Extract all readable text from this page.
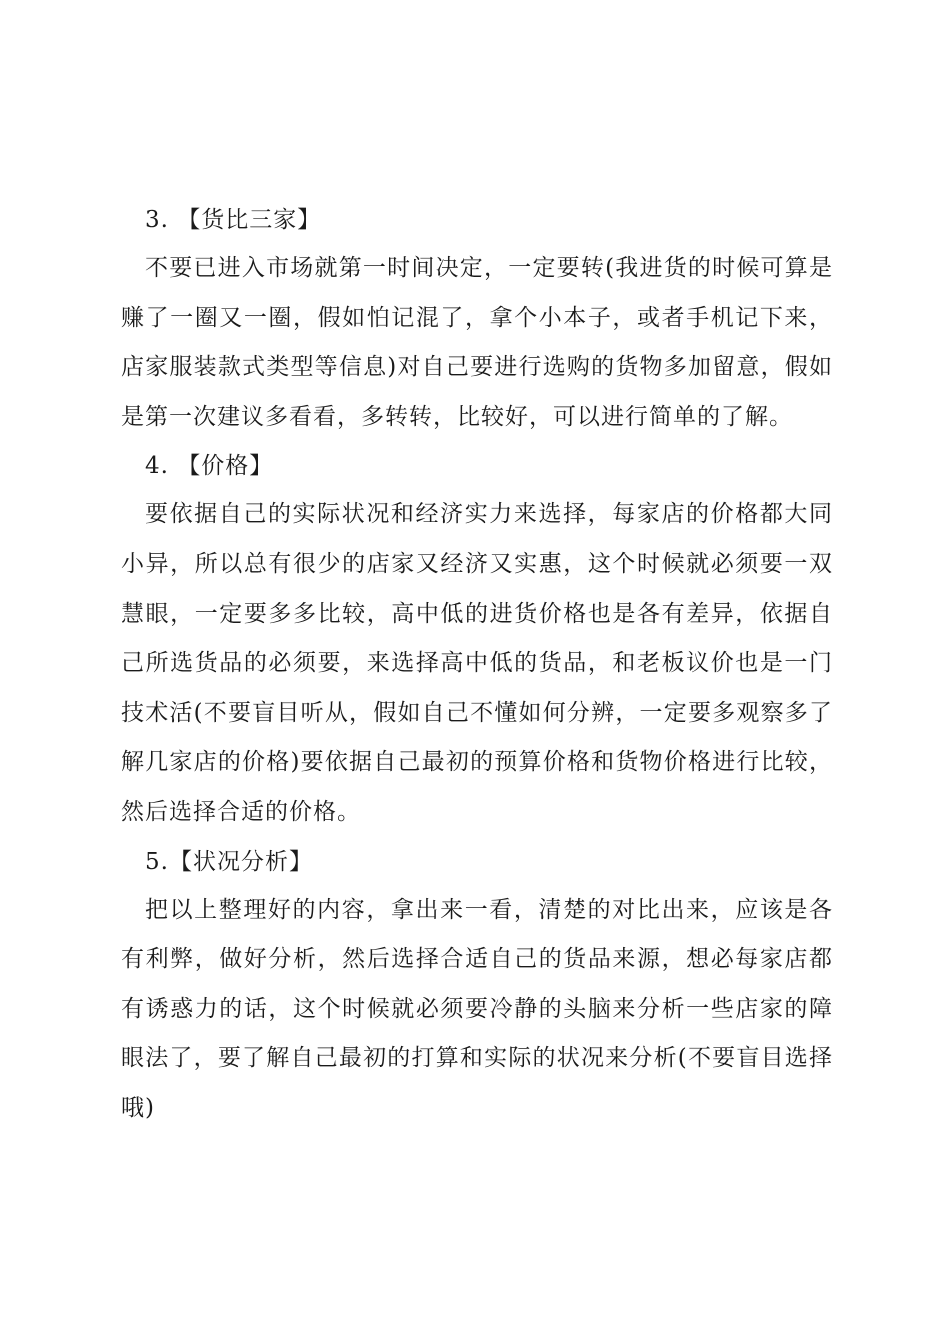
3. 【货比三家】

不要已进入市场就第一时间决定，一定要转(我进货的时候可算是赚了一圈又一圈，假如怕记混了，拿个小本子，或者手机记下来，店家服装款式类型等信息)对自己要进行选购的货物多加留意，假如是第一次建议多看看，多转转，比较好，可以进行简单的了解。

4. 【价格】

要依据自己的实际状况和经济实力来选择，每家店的价格都大同小异，所以总有很少的店家又经济又实惠，这个时候就必须要一双慧眼，一定要多多比较，高中低的进货价格也是各有差异，依据自己所选货品的必须要，来选择高中低的货品，和老板议价也是一门技术活(不要盲目听从，假如自己不懂如何分辨，一定要多观察多了解几家店的价格)要依据自己最初的预算价格和货物价格进行比较，然后选择合适的价格。

5.【状况分析】

把以上整理好的内容，拿出来一看，清楚的对比出来，应该是各有利弊，做好分析，然后选择合适自己的货品来源，想必每家店都有诱惑力的话，这个时候就必须要冷静的头脑来分析一些店家的障眼法了，要了解自己最初的打算和实际的状况来分析(不要盲目选择哦)
